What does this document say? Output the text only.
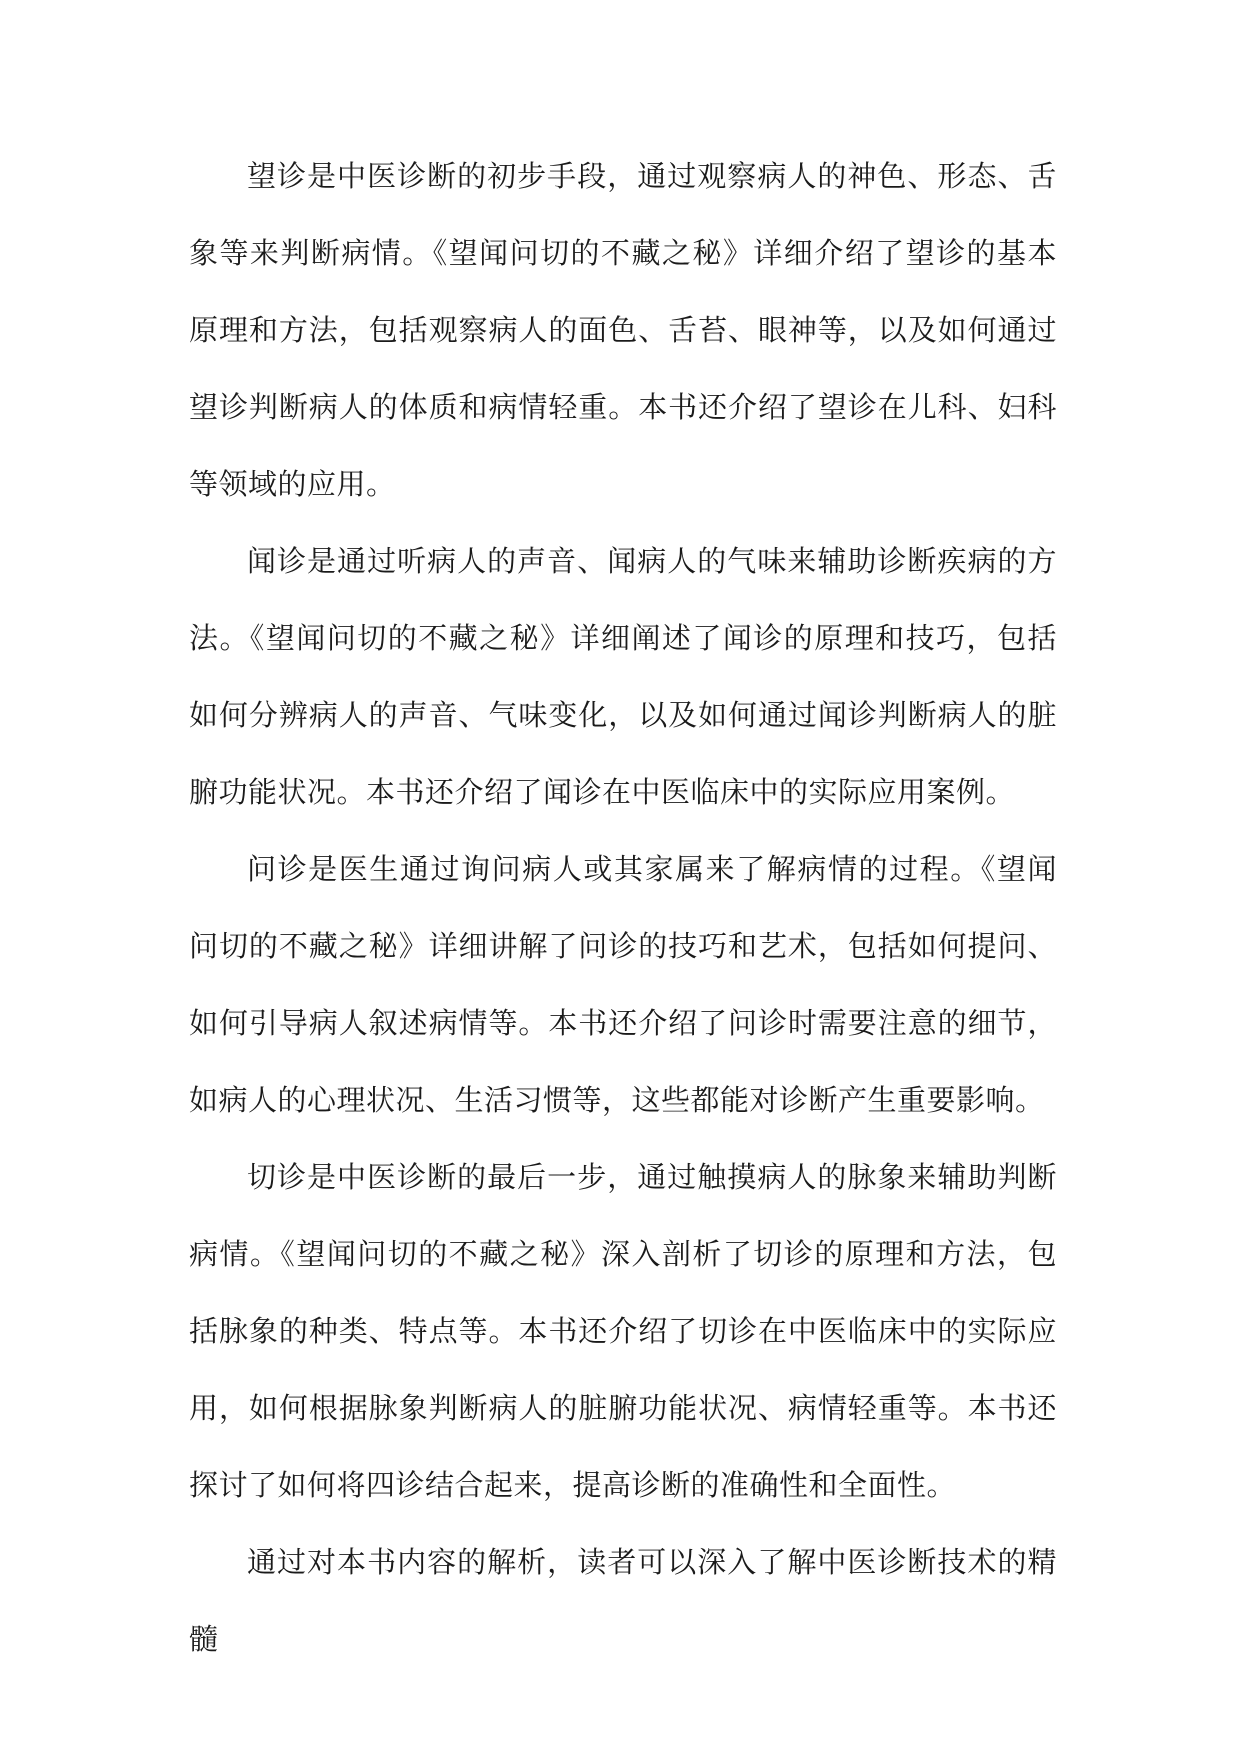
望诊是中医诊断的初步手段，通过观察病人的神色、形态、舌象等来判断病情。《望闻问切的不藏之秘》详细介绍了望诊的基本原理和方法，包括观察病人的面色、舌苔、眼神等，以及如何通过望诊判断病人的体质和病情轻重。本书还介绍了望诊在儿科、妇科等领域的应用。

闻诊是通过听病人的声音、闻病人的气味来辅助诊断疾病的方法。《望闻问切的不藏之秘》详细阐述了闻诊的原理和技巧，包括如何分辨病人的声音、气味变化，以及如何通过闻诊判断病人的脏腑功能状况。本书还介绍了闻诊在中医临床中的实际应用案例。

问诊是医生通过询问病人或其家属来了解病情的过程。《望闻问切的不藏之秘》详细讲解了问诊的技巧和艺术，包括如何提问、如何引导病人叙述病情等。本书还介绍了问诊时需要注意的细节，如病人的心理状况、生活习惯等，这些都能对诊断产生重要影响。

切诊是中医诊断的最后一步，通过触摸病人的脉象来辅助判断病情。《望闻问切的不藏之秘》深入剖析了切诊的原理和方法，包括脉象的种类、特点等。本书还介绍了切诊在中医临床中的实际应用，如何根据脉象判断病人的脏腑功能状况、病情轻重等。本书还探讨了如何将四诊结合起来，提高诊断的准确性和全面性。

通过对本书内容的解析，读者可以深入了解中医诊断技术的精髓
